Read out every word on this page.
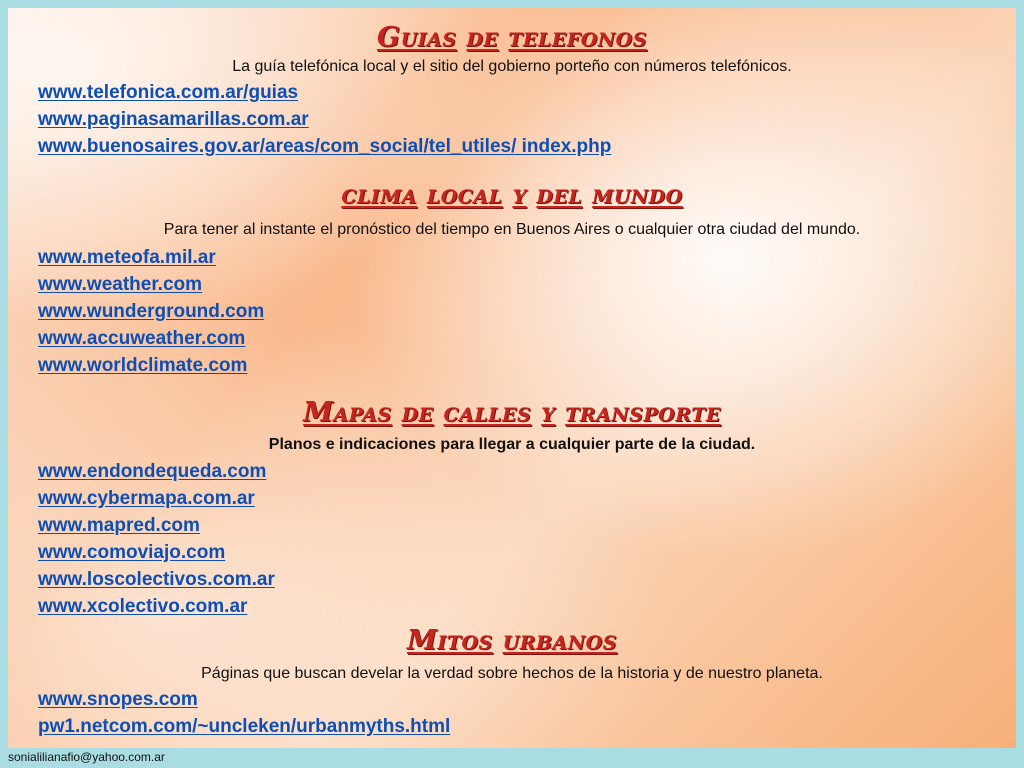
Guias de telefonos

La guía telefónica local y el sitio del gobierno porteño con números telefónicos.

www.telefonica.com.ar/guias
www.paginasamarillas.com.ar
www.buenosaires.gov.ar/areas/com_social/tel_utiles/ index.php
clima local y del mundo

Para tener al instante el pronóstico del tiempo en Buenos Aires o cualquier otra ciudad del mundo.

www.meteofa.mil.ar
www.weather.com
www.wunderground.com
www.accuweather.com
www.worldclimate.com
Mapas de calles y transporte

Planos e indicaciones para llegar a cualquier parte de la ciudad.

www.endondequeda.com
www.cybermapa.com.ar
www.mapred.com
www.comoviajo.com
www.loscolectivos.com.ar
www.xcolectivo.com.ar
Mitos urbanos

Páginas que buscan develar la verdad sobre hechos de la historia y de nuestro planeta.

www.snopes.com
pw1.netcom.com/~uncleken/urbanmyths.html
sonialilianafio@yahoo.com.ar
